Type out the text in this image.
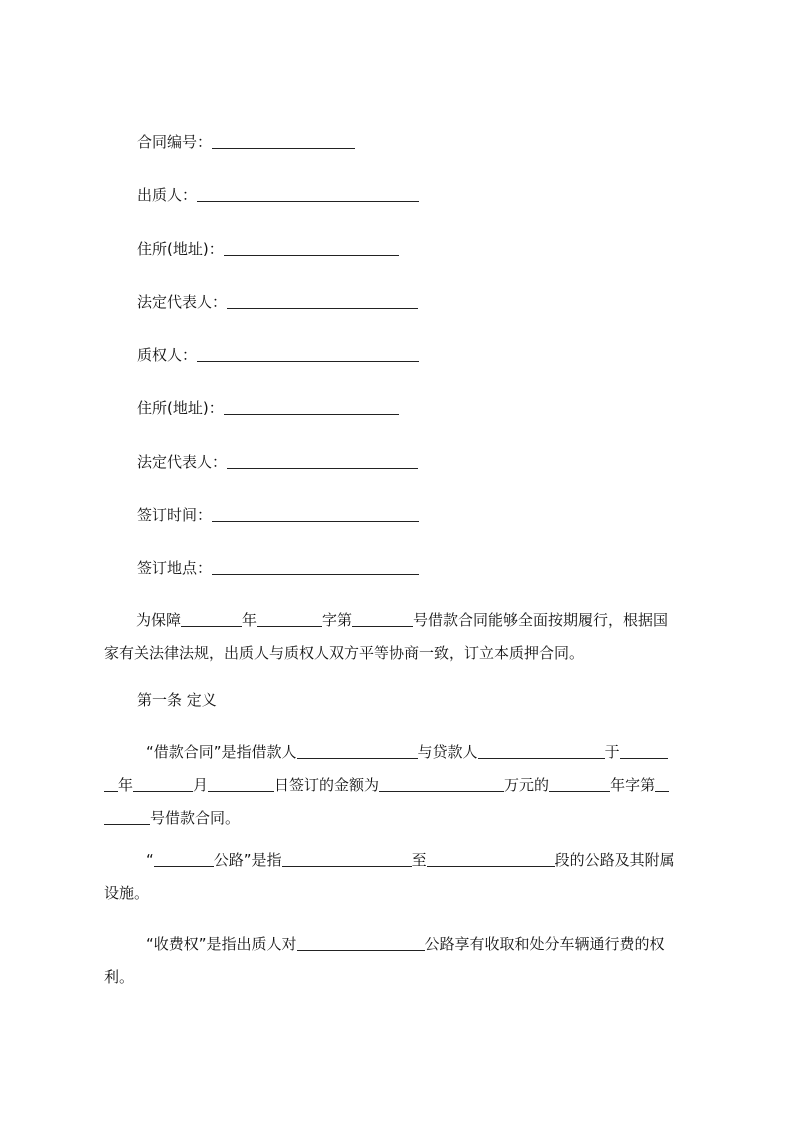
合同编号：
出质人：
住所(地址)：
法定代表人：
质权人：
住所(地址)：
法定代表人：
签订时间：
签订地点：
为保障	年	字第	号借款合同能够全面按期履行，根据国
家有关法律法规，出质人与质权人双方平等协商一致，订立本质押合同。
第一条 定义
“借款合同”是指借款人	与贷款人	于
年	月	日签订的金额为	万元的	年字第
号借款合同。
“	公路”是指	至	段的公路及其附属
设施。
“收费权”是指出质人对	公路享有收取和处分车辆通行费的权
利。
